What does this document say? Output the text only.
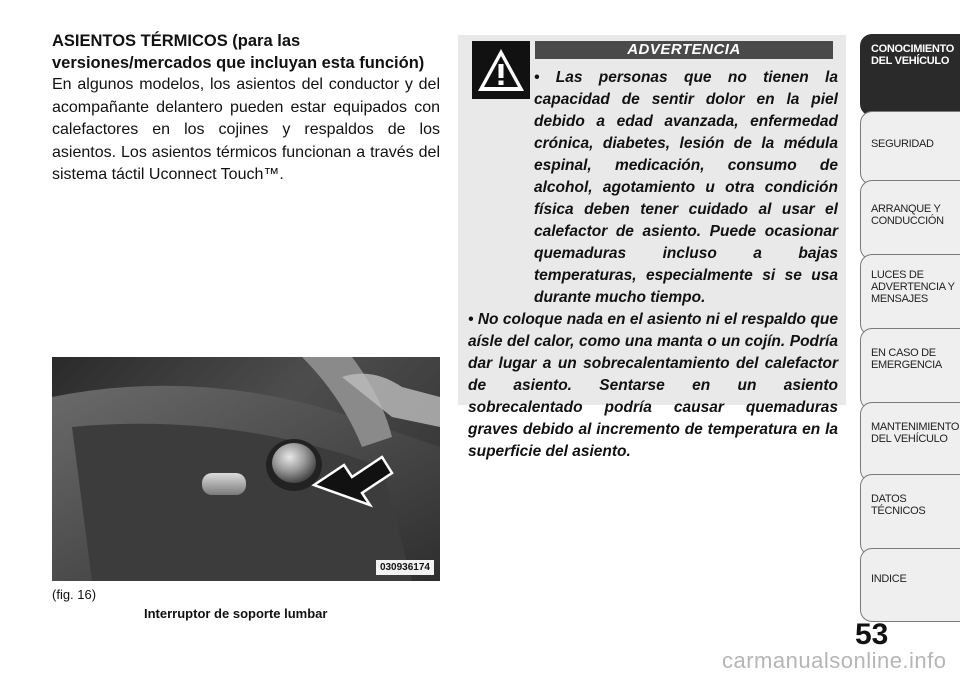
ASIENTOS TÉRMICOS (para las
versiones/mercados que incluyan esta función)

En algunos modelos, los asientos del conductor y del acompañante delantero pueden estar equipados con calefactores en los cojines y respaldos de los asientos. Los asientos térmicos funcionan a través del sistema táctil Uconnect Touch™.

030936174
(fig. 16)
Interruptor de soporte lumbar
ADVERTENCIA

• Las personas que no tienen la capacidad de sentir dolor en la piel debido a edad avanzada, enfermedad crónica, diabetes, lesión de la médula espinal, medicación, consumo de alcohol, agotamiento u otra condición física deben tener cuidado al usar el calefactor de asiento. Puede ocasionar quemaduras incluso a bajas temperaturas, especialmente si se usa durante mucho tiempo.

• No coloque nada en el asiento ni el respaldo que aísle del calor, como una manta o un cojín. Podría dar lugar a un sobrecalentamiento del calefactor de asiento. Sentarse en un asiento sobrecalentado podría causar quemaduras graves debido al incremento de temperatura en la superficie del asiento.

CONOCIMIENTO
DEL VEHÍCULO
SEGURIDAD
ARRANQUE Y
CONDUCCIÓN
LUCES DE
ADVERTENCIA Y
MENSAJES
EN CASO DE
EMERGENCIA
MANTENIMIENTO
DEL VEHÍCULO
DATOS
TÉCNICOS
INDICE
53
carmanualsonline.info
